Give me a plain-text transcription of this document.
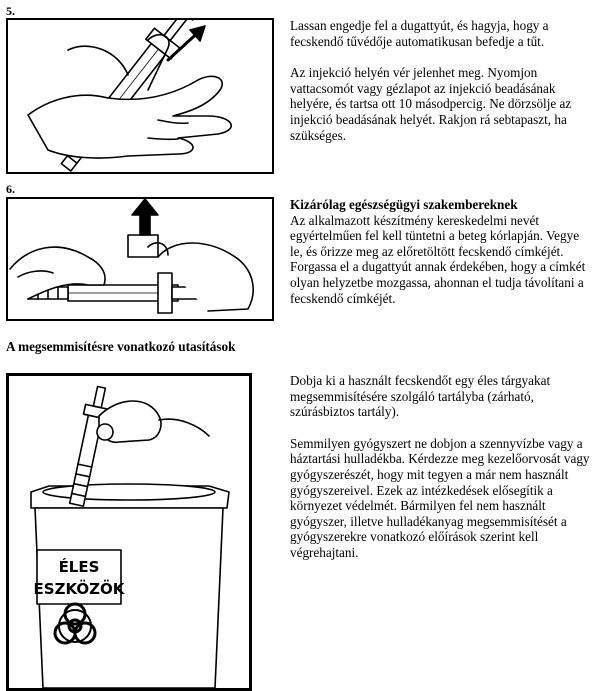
5.

Lassan engedje fel a dugattyút, és hagyja, hogy a fecskendő tűvédője automatikusan befedje a tűt.

Az injekció helyén vér jelenhet meg. Nyomjon vattacsomót vagy gézlapot az injekció beadásának helyére, és tartsa ott 10 másodpercig. Ne dörzsölje az injekció beadásának helyét. Rakjon rá sebtapaszt, ha szükséges.

6.
Kizárólag egészségügyi szakembereknek
Az alkalmazott készítmény kereskedelmi nevét egyértelműen fel kell tüntetni a beteg kórlapján. Vegye le, és őrizze meg az előretöltött fecskendő címkéjét. Forgassa el a dugattyút annak érdekében, hogy a címkét olyan helyzetbe mozgassa, ahonnan el tudja távolítani a fecskendő címkéjét.
A megsemmisítésre vonatkozó utasítások
ÉLES
ESZKÖZÖK

Dobja ki a használt fecskendőt egy éles tárgyakat megsemmisítésére szolgáló tartályba (zárható, szúrásbiztos tartály).

Semmilyen gyógyszert ne dobjon a szennyvízbe vagy a háztartási hulladékba. Kérdezze meg kezelőorvosát vagy gyógyszerészét, hogy mit tegyen a már nem használt gyógyszereivel. Ezek az intézkedések elősegítik a környezet védelmét. Bármilyen fel nem használt gyógyszer, illetve hulladékanyag megsemmisítését a gyógyszerekre vonatkozó előírások szerint kell végrehajtani.
